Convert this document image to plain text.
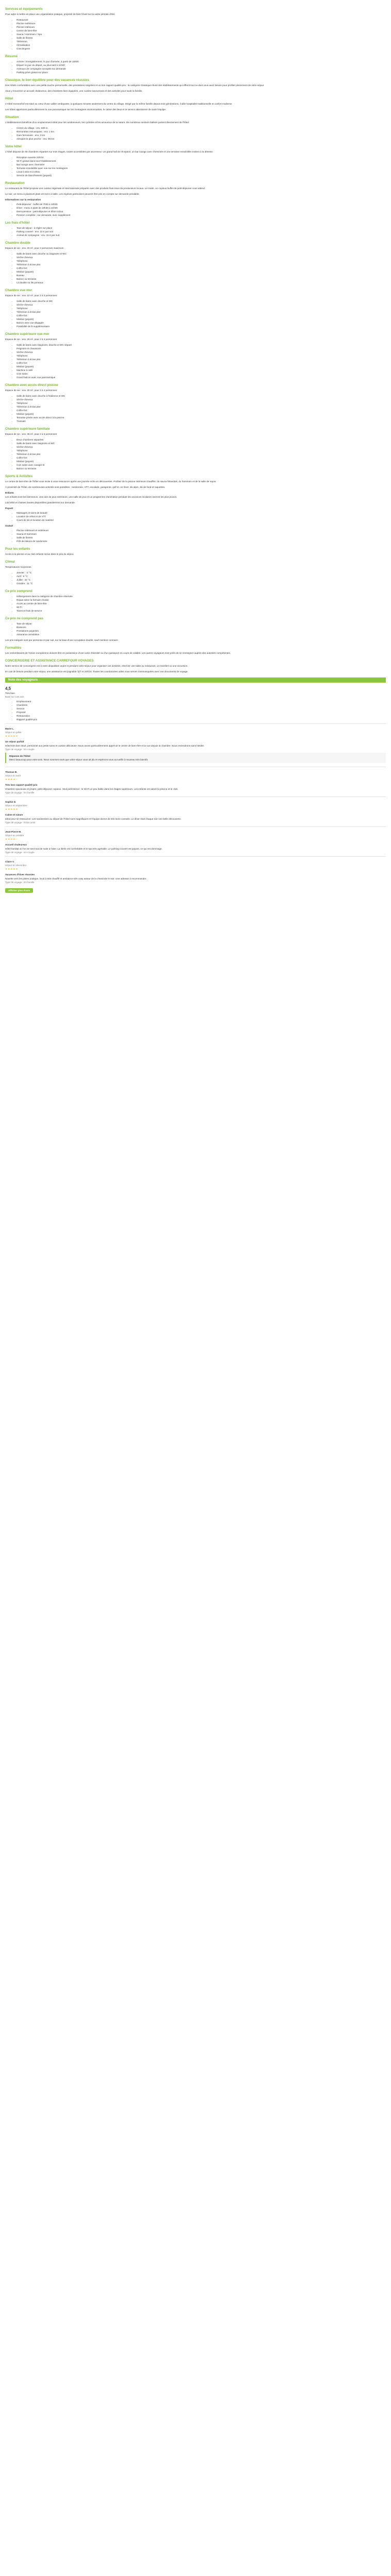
Services et équipements

Pour aider à mettre en place une organisation pratique, proposé de faire l'éveil sur la vaste période d'été.

• Restaurant
• Piscine extérieure
• Piscine intérieure
• Centre de bien-être
• Sauna / Hammam / Spa
• Salle de fitness
• Télévision
• Climatisation
• Conciergerie
Résumé
• Arrivée / Enregistrement: le jour d'arrivée, à partir de 15h00
• Départ: le jour du départ, au plus tard à 11h00
• Animaux de compagnie acceptés sur demande
• Parking privé gratuit sur place
Classique, le bon équilibre pour des vacances réussies

Des hôtels confortables avec une petite touche personnelle, des prestations soignées et un bon rapport qualité-prix : la catégorie Classique réunit des établissements qui offrent tout ce dont vous avez besoin pour profiter pleinement de votre séjour.

Vous y trouverez un accueil chaleureux, des chambres bien équipées, une cuisine savoureuse et des activités pour toute la famille.

Hôtel

L'Hôtel Sonnenhof est situé au cœur d'une vallée verdoyante, à quelques minutes seulement du centre du village. Dirigé par la même famille depuis trois générations, il allie hospitalité traditionnelle et confort moderne.

Les hôtes apprécient particulièrement la vue panoramique sur les montagnes environnantes, le calme des lieux et le service attentionné de toute l'équipe.

Situation

L'établissement bénéficie d'un emplacement idéal pour les randonneurs, les cyclistes et les amoureux de la nature. De nombreux sentiers balisés partent directement de l'hôtel.

• Centre du village : env. 500 m
• Remontées mécaniques : env. 1 km
• Gare ferroviaire : env. 3 km
• Aéroport le plus proche : env. 90 km
Votre hôtel

L'hôtel dispose de 48 chambres réparties sur trois étages, toutes accessibles par ascenseur. Un grand hall de réception, un bar lounge avec cheminée et une terrasse ensoleillée invitent à la détente.

• Réception ouverte 24h/24
• Wi-Fi gratuit dans tout l'établissement
• Bar lounge avec cheminée
• Terrasse ensoleillée avec vue sur les montagnes
• Local à skis et à vélos
• Service de blanchisserie (payant)
Restauration

Le restaurant de l'hôtel propose une cuisine régionale et internationale préparée avec des produits frais issus de producteurs locaux. Le matin, un copieux buffet de petit-déjeuner vous attend.

Le soir, un menu à plusieurs plats est servi à table. Les régimes particuliers peuvent être pris en compte sur demande préalable.

Informations sur la restauration
• Petit-déjeuner : buffet de 7h00 à 10h00
• Dîner : menu 4 plats de 18h30 à 21h00
• Demi-pension : petit-déjeuner et dîner inclus
• Pension complète : sur demande, avec supplément
Les frais d'hôtel
• Taxe de séjour : à régler sur place
• Parking couvert : env. 10 € par nuit
• Animal de compagnie : env. 15 € par nuit
Chambre double

Espace de vie : env. 20 m², pour 2 personnes maximum

• Salle de bains avec douche ou baignoire et WC
• Sèche-cheveux
• Téléphone
• Télévision à écran plat
• Coffre-fort
• Minibar (payant)
• Bureau
• Balcon ou terrasse
• Lit double ou lits jumeaux
Chambre vue mer

Espace de vie : env. 22 m², pour 2 à 3 personnes

• Salle de bains avec douche et WC
• Sèche-cheveux
• Téléphone
• Télévision à écran plat
• Coffre-fort
• Minibar (payant)
• Balcon avec vue dégagée
• Possibilité de lit supplémentaire
Chambre supérieure vue mer

Espace de vie : env. 28 m², pour 2 à 4 personnes

• Salle de bains avec baignoire, douche et WC séparé
• Peignoirs et chaussons
• Sèche-cheveux
• Téléphone
• Télévision à écran plat
• Coffre-fort
• Minibar (payant)
• Machine à café
• Coin salon
• Grand balcon avec vue panoramique
Chambre avec accès direct piscine

Espace de vie : env. 30 m², pour 2 à 4 personnes

• Salle de bains avec douche à l'italienne et WC
• Sèche-cheveux
• Téléphone
• Télévision à écran plat
• Coffre-fort
• Minibar (payant)
• Terrasse privée avec accès direct à la piscine
• Transats
Chambre supérieure familiale

Espace de vie : env. 38 m², pour 2 à 5 personnes

• Deux chambres séparées
• Salle de bains avec baignoire et WC
• Sèche-cheveux
• Téléphone
• Télévision à écran plat
• Coffre-fort
• Minibar (payant)
• Coin salon avec canapé-lit
• Balcon ou terrasse
Sports & Activités

Le centre de bien-être de l'hôtel vous invite à vous ressourcer après une journée riche en découvertes. Profitez de la piscine intérieure chauffée, du sauna finlandais, du hammam et de la salle de repos.

À proximité de l'hôtel, de nombreuses activités sont possibles : randonnée, VTT, escalade, parapente, golf et, en hiver, ski alpin, ski de fond et raquettes.

Enfants

Les enfants sont les bienvenus. Une aire de jeux extérieure, une salle de jeux et un programme d'animation pendant les vacances scolaires raviront les plus jeunes.

Lits bébé et chaises hautes disponibles gratuitement sur demande.

Payant
• Massages et soins de beauté
• Location de vélos et de VTT
• Cours de ski et location de matériel
Gratuit
• Piscine intérieure et extérieure
• Sauna et hammam
• Salle de fitness
• Prêt de bâtons de randonnée
Pour les enfants

Accès à la piscine et au club enfants inclus dans le prix du séjour.

Climat

Températures moyennes

• Janvier : -2 °C
• Avril : 9 °C
• Juillet : 22 °C
• Octobre : 11 °C
Ce prix comprend
• Hébergement dans la catégorie de chambre réservée
• Repas selon la formule choisie
• Accès au centre de bien-être
• Wi-Fi
• Taxes et frais de service
Ce prix ne comprend pas
• Taxe de séjour
• Boissons
• Prestations payantes
• Assurance annulation

Les prix indiqués sont par personne et par nuit, sur la base d'une occupation double, sauf mention contraire.

Formalités

Les ressortissants de l'Union européenne doivent être en possession d'une carte d'identité ou d'un passeport en cours de validité. Les autres voyageurs sont priés de se renseigner auprès des autorités compétentes.

CONCIERGERIE ET ASSISTANCE CARREFOUR VOYAGES

Notre service de conciergerie est à votre disposition avant et pendant votre séjour pour organiser vos activités, réserver une table au restaurant, un transfert ou une excursion.

En cas de besoin pendant votre séjour, une assistance est joignable 7j/7 et 24h/24. Toutes les coordonnées utiles vous seront communiquées avec vos documents de voyage.

Note des voyageurs
4,5
Très bien
Basé sur 126 avis
• Emplacement
• Chambres
• Service
• Propreté
• Restauration
• Rapport qualité-prix
Marie L.
Séjour en juillet
★★★★★
Un séjour parfait
Hôtel très bien situé, personnel aux petits soins et cuisine délicieuse. Nous avons particulièrement apprécié le centre de bien-être et la vue depuis la chambre. Nous reviendrons sans hésiter.
Type de voyage : En couple
Réponse de l'hôtel
Merci beaucoup pour votre avis. Nous sommes ravis que votre séjour vous ait plu et espérons vous accueillir à nouveau très bientôt.
Thomas B.
Séjour en août
★★★★☆
Très bon rapport qualité-prix
Chambre spacieuse et propre, petit-déjeuner copieux. Seul petit bémol : le Wi-Fi un peu faible dans les étages supérieurs. Les enfants ont adoré la piscine et le club.
Type de voyage : En famille
Sophie D.
Séjour en septembre
★★★★★
Calme et nature
Idéal pour se ressourcer. Les randonnées au départ de l'hôtel sont magnifiques et l'équipe donne de très bons conseils. Le dîner était chaque soir une belle découverte.
Type de voyage : Entre amis
Jean-Pierre M.
Séjour en octobre
★★★★☆
Accueil chaleureux
Hôtel familial où l'on se sent tout de suite à l'aise. La literie est confortable et le spa très agréable. Le parking couvert est payant, ce qui est dommage.
Type de voyage : En couple
Claire V.
Séjour en décembre
★★★★★
Vacances d'hiver réussies
Navette vers les pistes pratique, local à skis chauffé et ambiance très cosy autour de la cheminée le soir. Une adresse à recommander.
Type de voyage : En famille
Afficher plus d'avis
